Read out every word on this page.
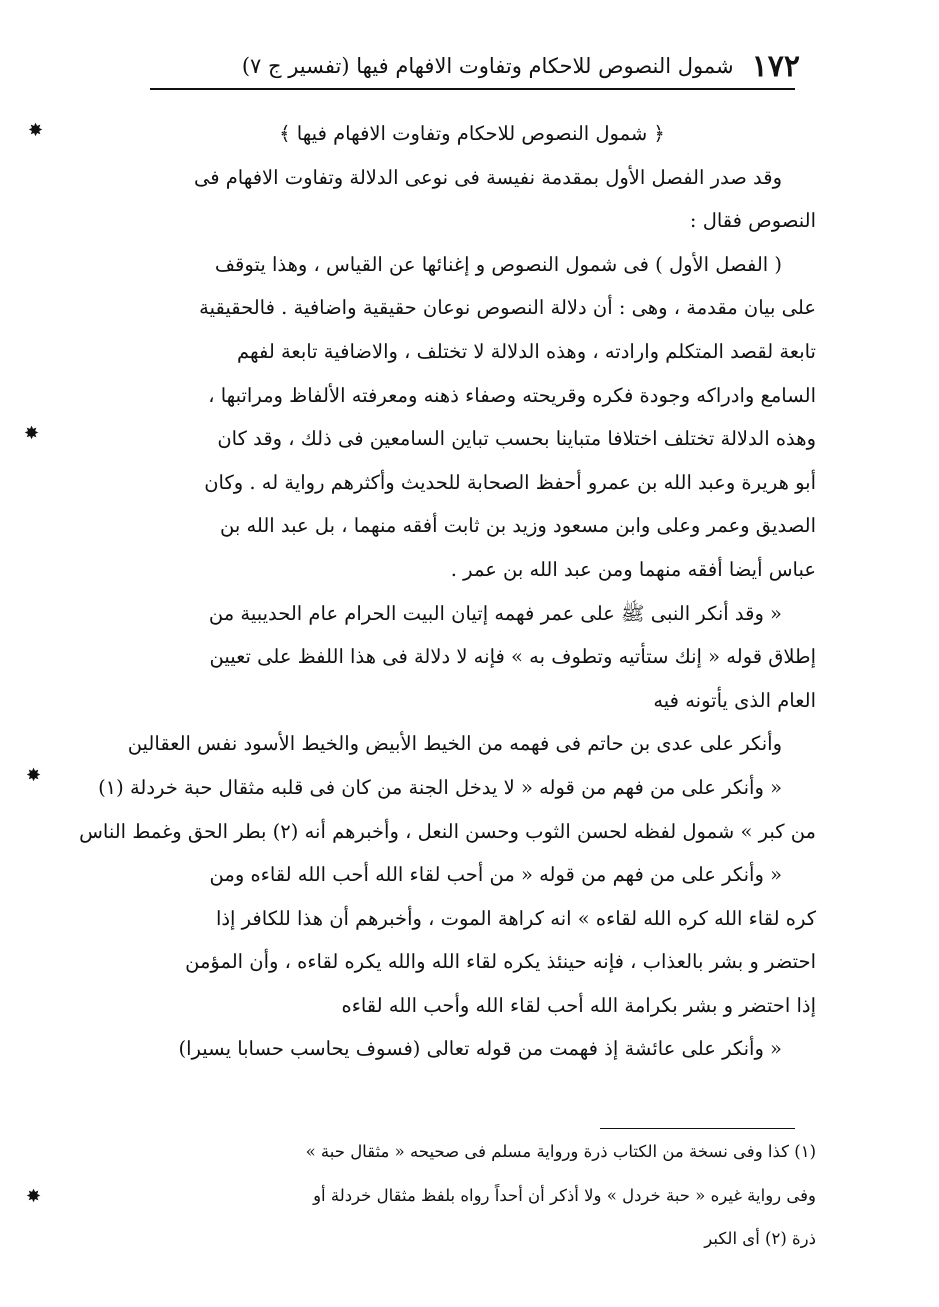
١٧٢
شمول النصوص للاحكام وتفاوت الافهام فيها (تفسير ج ٧)
﴿ شمول النصوص للاحكام وتفاوت الافهام فيها ﴾
وقد صدر الفصل الأول بمقدمة نفيسة فى نوعى الدلالة وتفاوت الافهام فى
النصوص فقال :
( الفصل الأول ) فى شمول النصوص و إغنائها عن القياس ، وهذا يتوقف
على بيان مقدمة ، وهى : أن دلالة النصوص نوعان حقيقية واضافية . فالحقيقية
تابعة لقصد المتكلم وارادته ، وهذه الدلالة لا تختلف ، والاضافية تابعة لفهم
السامع وادراكه وجودة فكره وقريحته وصفاء ذهنه ومعرفته الألفاظ ومراتبها ،
وهذه الدلالة تختلف اختلافا متباينا بحسب تباين السامعين فى ذلك ، وقد كان
أبو هريرة وعبد الله بن عمرو أحفظ الصحابة للحديث وأكثرهم رواية له . وكان
الصديق وعمر وعلى وابن مسعود وزيد بن ثابت أفقه منهما ، بل عبد الله بن
عباس أيضا أفقه منهما ومن عبد الله بن عمر .
« وقد أنكر النبى ﷺ على عمر فهمه إتيان البيت الحرام عام الحديبية من
إطلاق قوله « إنك ستأتيه وتطوف به » فإنه لا دلالة فى هذا اللفظ على تعيين
العام الذى يأتونه فيه
وأنكر على عدى بن حاتم فى فهمه من الخيط الأبيض والخيط الأسود نفس العقالين
« وأنكر على من فهم من قوله « لا يدخل الجنة من كان فى قلبه مثقال حبة خردلة (١)
من كبر » شمول لفظه لحسن الثوب وحسن النعل ، وأخبرهم أنه (٢) بطر الحق وغمط الناس
« وأنكر على من فهم من قوله « من أحب لقاء الله أحب الله لقاءه ومن
كره لقاء الله كره الله لقاءه » انه كراهة الموت ، وأخبرهم أن هذا للكافر إذا
احتضر و بشر بالعذاب ، فإنه حينئذ يكره لقاء الله والله يكره لقاءه ، وأن المؤمن
إذا احتضر و بشر بكرامة الله أحب لقاء الله وأحب الله لقاءه
« وأنكر على عائشة إذ فهمت من قوله تعالى (فسوف يحاسب حسابا يسيرا)
(١) كذا وفى نسخة من الكتاب ذرة ورواية مسلم فى صحيحه « مثقال حبة »
وفى رواية غيره « حبة خردل » ولا أذكر أن أحداً رواه بلفظ مثقال خردلة أو
ذرة (٢) أى الكبر
✸
✸
✸
✸
